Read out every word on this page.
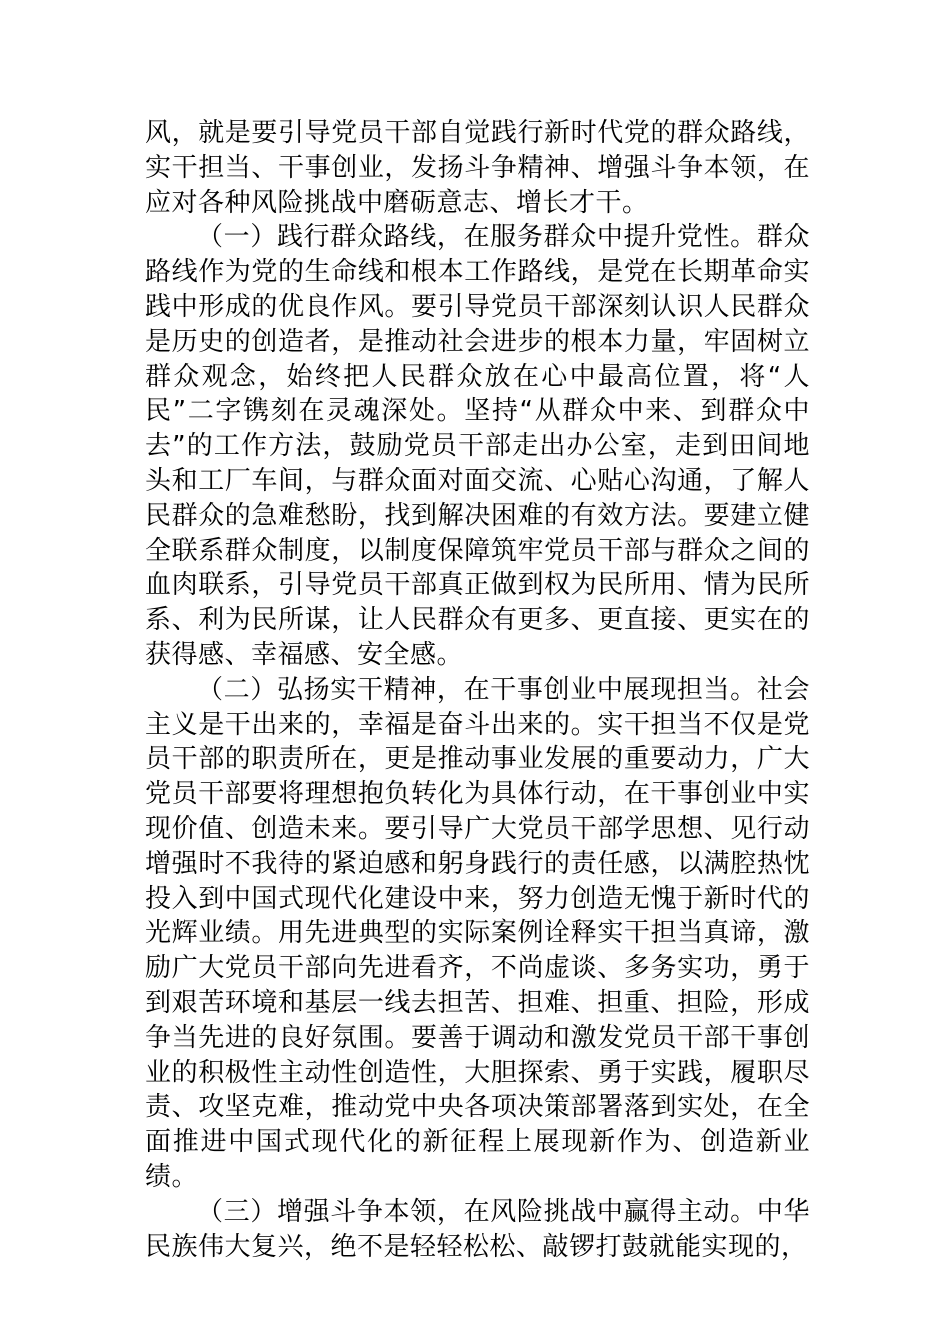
风，就是要引导党员干部自觉践行新时代党的群众路线，实干担当、干事创业，发扬斗争精神、增强斗争本领，在应对各种风险挑战中磨砺意志、增长才干。

（一）践行群众路线，在服务群众中提升党性。群众路线作为党的生命线和根本工作路线，是党在长期革命实践中形成的优良作风。要引导党员干部深刻认识人民群众是历史的创造者，是推动社会进步的根本力量，牢固树立群众观念，始终把人民群众放在心中最高位置，将“人民”二字镌刻在灵魂深处。坚持“从群众中来、到群众中去”的工作方法，鼓励党员干部走出办公室，走到田间地头和工厂车间，与群众面对面交流、心贴心沟通，了解人民群众的急难愁盼，找到解决困难的有效方法。要建立健全联系群众制度，以制度保障筑牢党员干部与群众之间的血肉联系，引导党员干部真正做到权为民所用、情为民所系、利为民所谋，让人民群众有更多、更直接、更实在的获得感、幸福感、安全感。

（二）弘扬实干精神，在干事创业中展现担当。社会主义是干出来的，幸福是奋斗出来的。实干担当不仅是党员干部的职责所在，更是推动事业发展的重要动力，广大党员干部要将理想抱负转化为具体行动，在干事创业中实现价值、创造未来。要引导广大党员干部学思想、见行动增强时不我待的紧迫感和躬身践行的责任感，以满腔热忱投入到中国式现代化建设中来，努力创造无愧于新时代的光辉业绩。用先进典型的实际案例诠释实干担当真谛，激励广大党员干部向先进看齐，不尚虚谈、多务实功，勇于到艰苦环境和基层一线去担苦、担难、担重、担险，形成争当先进的良好氛围。要善于调动和激发党员干部干事创业的积极性主动性创造性，大胆探索、勇于实践，履职尽责、攻坚克难，推动党中央各项决策部署落到实处，在全面推进中国式现代化的新征程上展现新作为、创造新业绩。

（三）增强斗争本领，在风险挑战中赢得主动。中华民族伟大复兴，绝不是轻轻松松、敲锣打鼓就能实现的，
